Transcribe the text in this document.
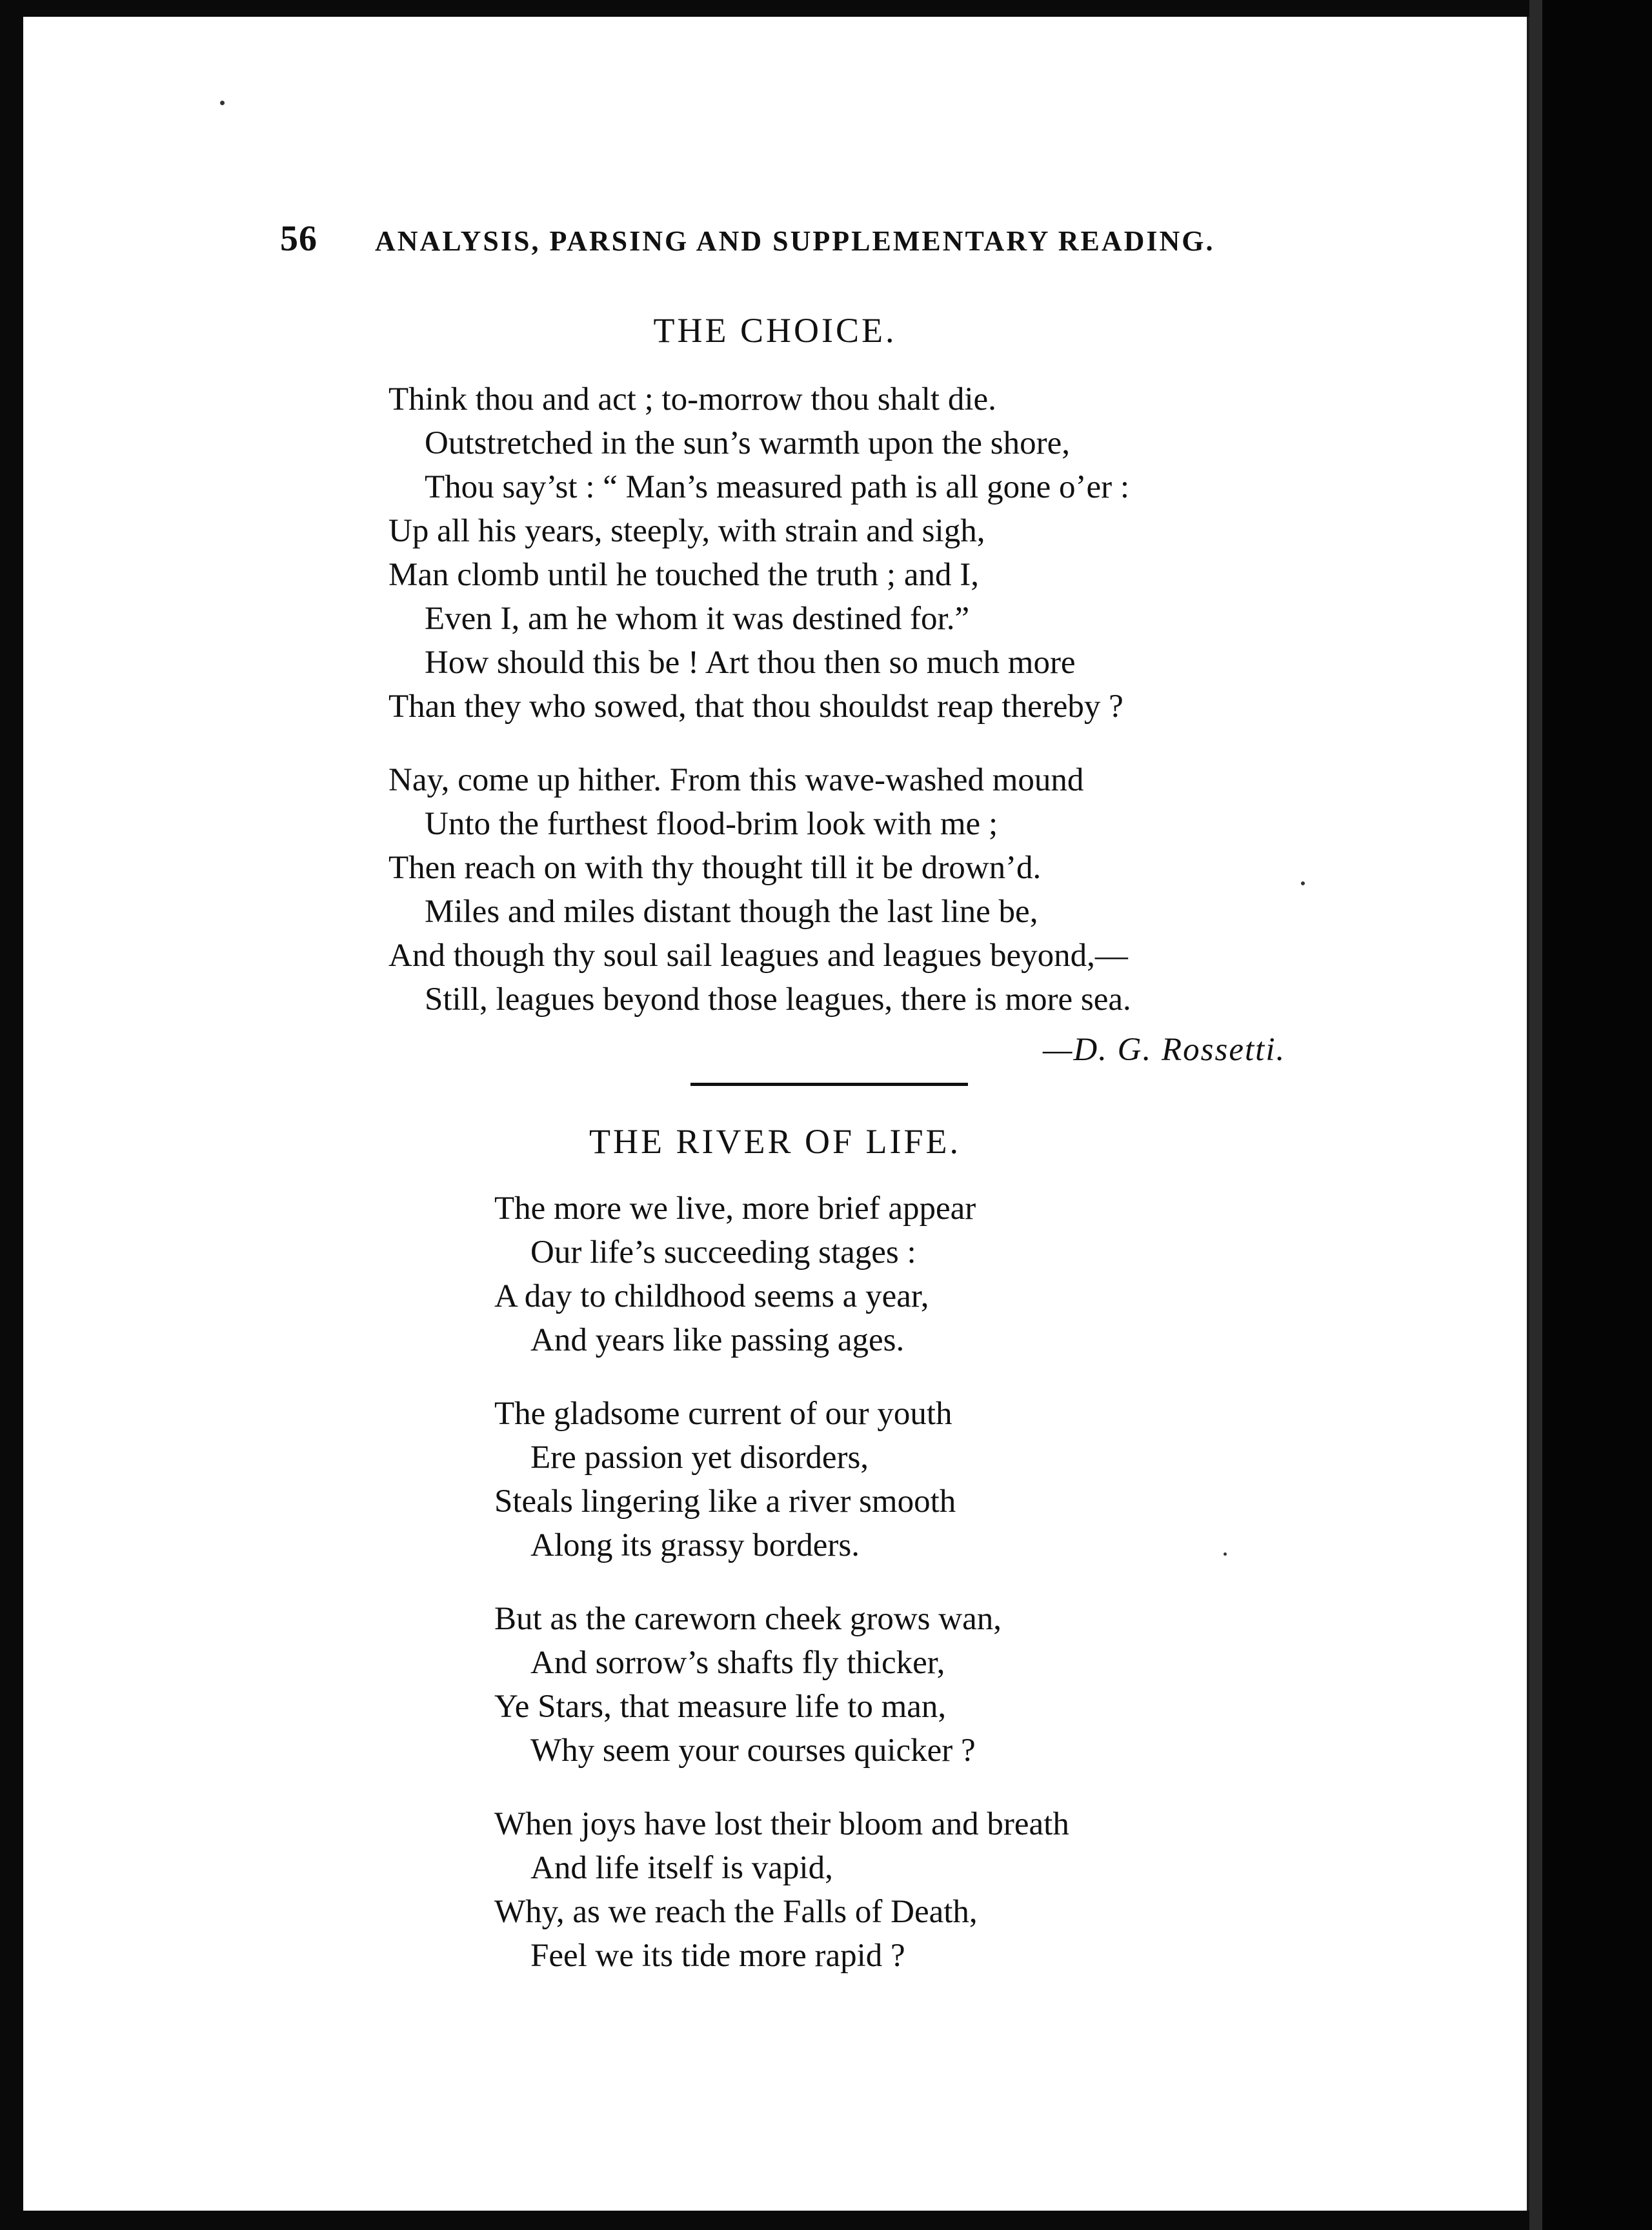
56 ANALYSIS, PARSING AND SUPPLEMENTARY READING.
THE CHOICE.
Think thou and act ; to-morrow thou shalt die.
Outstretched in the sun’s warmth upon the shore,
Thou say’st : “ Man’s measured path is all gone o’er :
Up all his years, steeply, with strain and sigh,
Man clomb until he touched the truth ; and I,
Even I, am he whom it was destined for.”
How should this be ! Art thou then so much more
Than they who sowed, that thou shouldst reap thereby ?
Nay, come up hither. From this wave-washed mound
Unto the furthest flood-brim look with me ;
Then reach on with thy thought till it be drown’d.
Miles and miles distant though the last line be,
And though thy soul sail leagues and leagues beyond,—
Still, leagues beyond those leagues, there is more sea.
—D. G. Rossetti.
THE RIVER OF LIFE.
The more we live, more brief appear
Our life’s succeeding stages :
A day to childhood seems a year,
And years like passing ages.
The gladsome current of our youth
Ere passion yet disorders,
Steals lingering like a river smooth
Along its grassy borders.
But as the careworn cheek grows wan,
And sorrow’s shafts fly thicker,
Ye Stars, that measure life to man,
Why seem your courses quicker ?
When joys have lost their bloom and breath
And life itself is vapid,
Why, as we reach the Falls of Death,
Feel we its tide more rapid ?
